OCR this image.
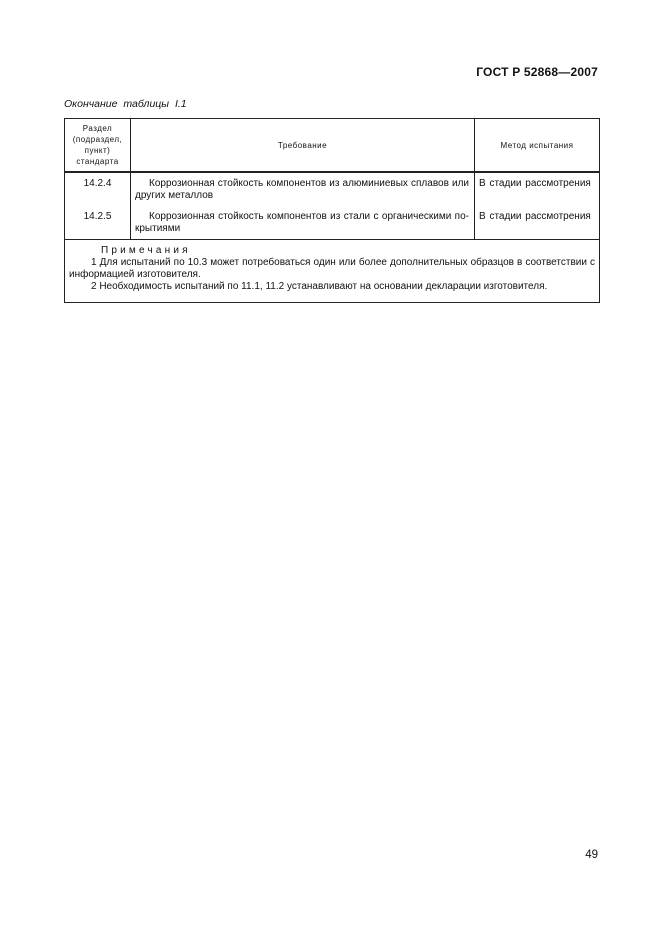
ГОСТ Р 52868—2007
Окончание таблицы I.1
Раздел
(подраздел,
пункт)
стандарта	Требование	Метод испытания
14.2.4	Коррозионная стойкость компонентов из алюминиевых сплавов или других металлов	В стадии рассмотрения
14.2.5	Коррозионная стойкость компонентов из стали с органическими по-крытиями	В стадии рассмотрения

Примечания
1 Для испытаний по 10.3 может потребоваться один или более дополнительных образцов в соответствии с информацией изготовителя.
2 Необходимость испытаний по 11.1, 11.2 устанавливают на основании декларации изготовителя.		
49
